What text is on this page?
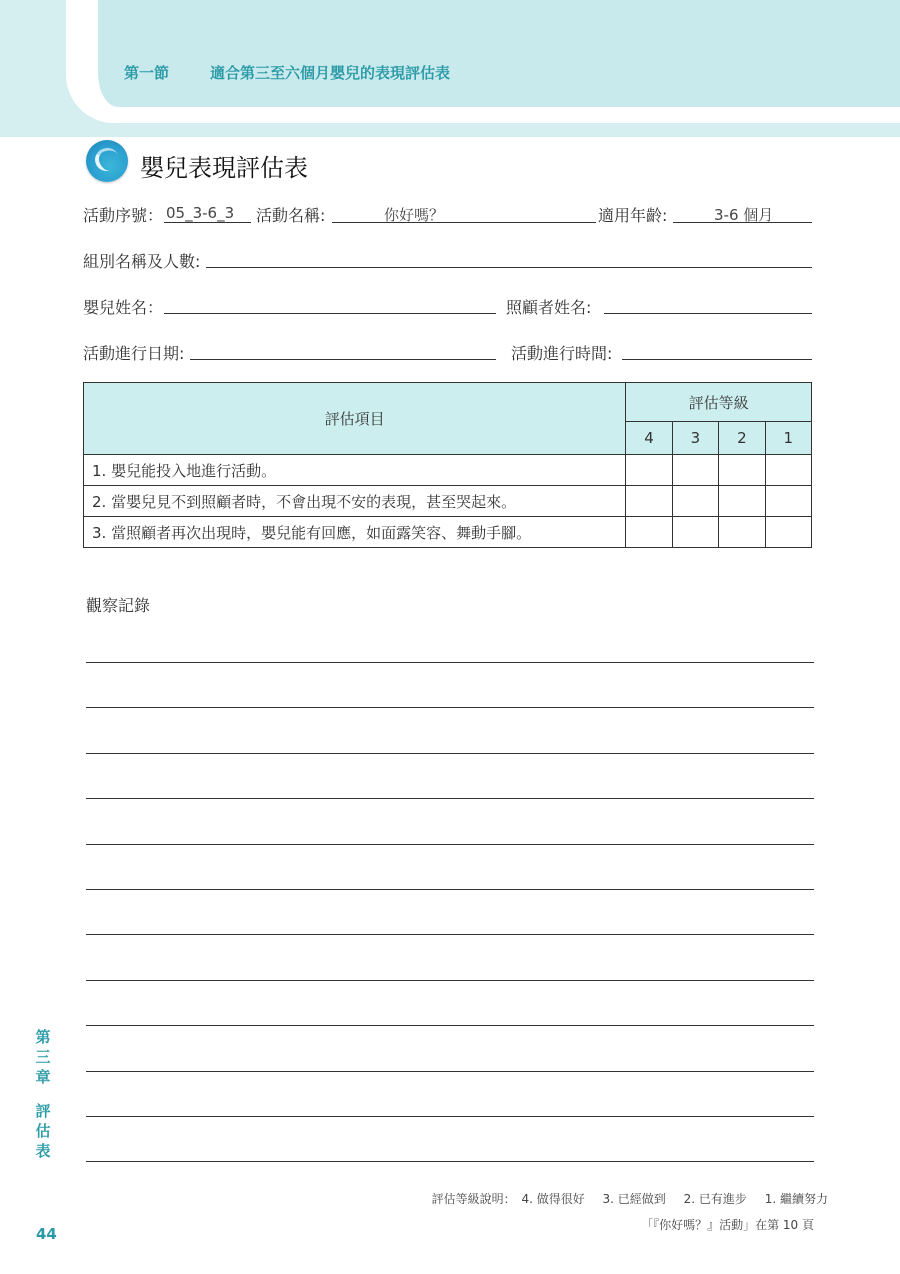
第一節	適合第三至六個月嬰兒的表現評估表
嬰兒表現評估表
活動序號： 05_3-6_3 活動名稱:	你好嗎？	適用年齡:	3-6 個月
組別名稱及人數:
嬰兒姓名：	照顧者姓名:
活動進行日期:	活動進行時間:
評估項目	評估等級			
	4	3	2	1
1. 嬰兒能投入地進行活動。				
2. 當嬰兒見不到照顧者時，不會出現不安的表現，甚至哭起來。				
3. 當照顧者再次出現時，嬰兒能有回應，如面露笑容、舞動手腳。				
觀察記錄
評估等級說明： 4. 做得很好 3. 已經做到 2. 已有進步 1. 繼續努力
「『你好嗎？』活動」在第 10 頁
第
三
章
評
估
表
44
